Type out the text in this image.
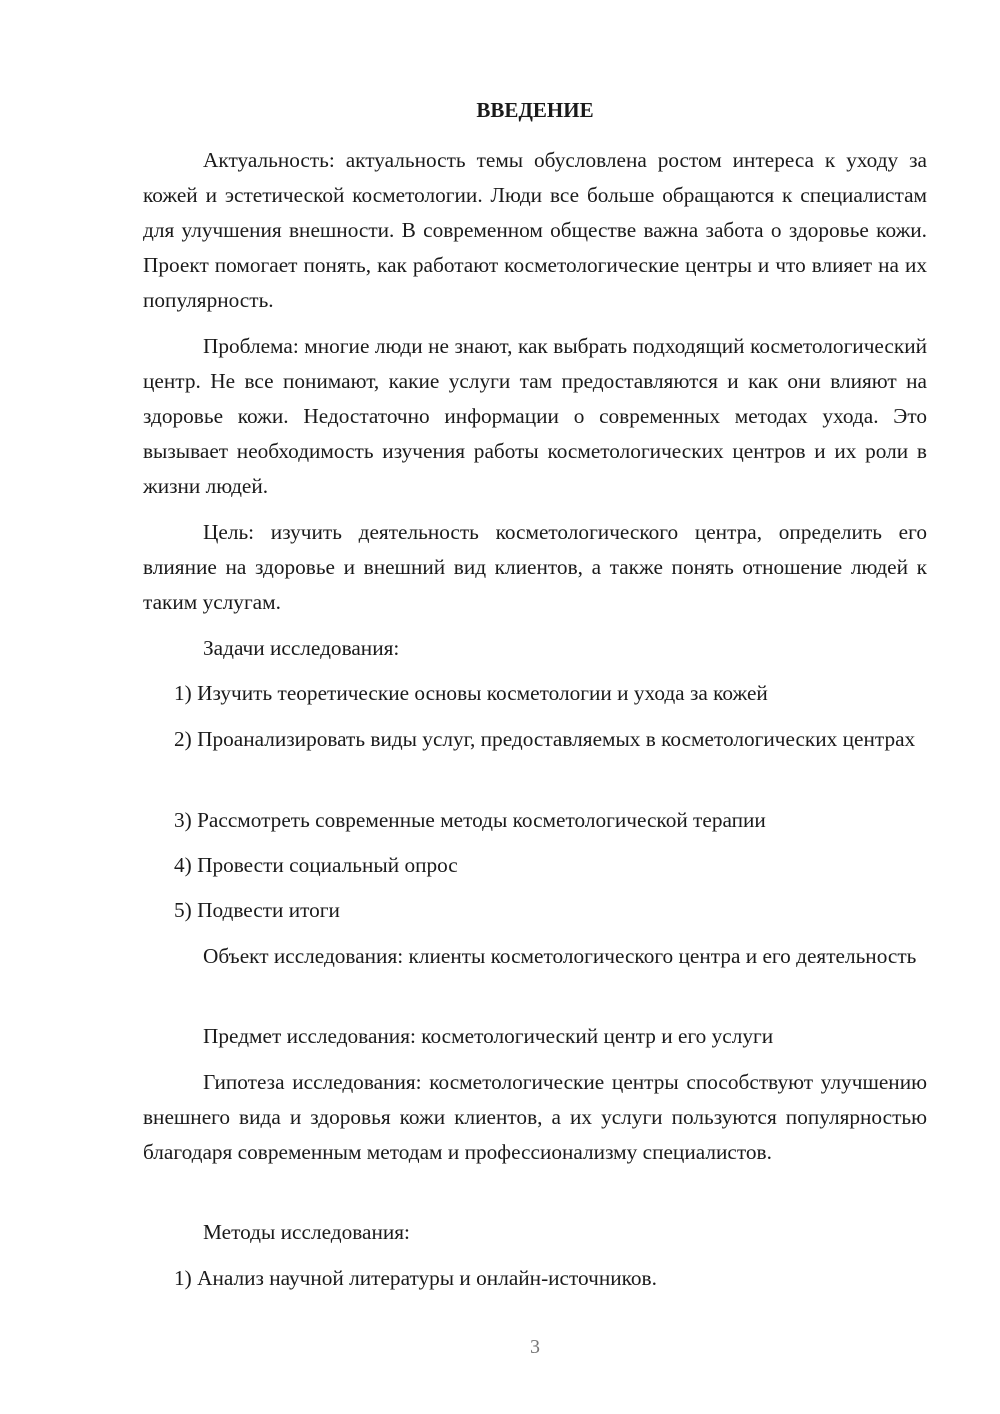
ВВЕДЕНИЕ

Актуальность: актуальность темы обусловлена ростом интереса к уходу за кожей и эстетической косметологии. Люди все больше обращаются к специалистам для улучшения внешности. В современном обществе важна забота о здоровье кожи. Проект помогает понять, как работают косметологические центры и что влияет на их популярность.

Проблема: многие люди не знают, как выбрать подходящий косметологический центр. Не все понимают, какие услуги там предоставляются и как они влияют на здоровье кожи. Недостаточно информации о современных методах ухода. Это вызывает необходимость изучения работы косметологических центров и их роли в жизни людей.

Цель: изучить деятельность косметологического центра, определить его влияние на здоровье и внешний вид клиентов, а также понять отношение людей к таким услугам.

Задачи исследования:

1) Изучить теоретические основы косметологии и ухода за кожей

2) Проанализировать виды услуг, предоставляемых в косметологических центрах

3) Рассмотреть современные методы косметологической терапии

4) Провести социальный опрос

5) Подвести итоги

Объект исследования: клиенты косметологического центра и его деятельность

Предмет исследования: косметологический центр и его услуги

Гипотеза исследования: косметологические центры способствуют улучшению внешнего вида и здоровья кожи клиентов, а их услуги пользуются популярностью благодаря современным методам и профессионализму специалистов.

Методы исследования:

1) Анализ научной литературы и онлайн-источников.

3
